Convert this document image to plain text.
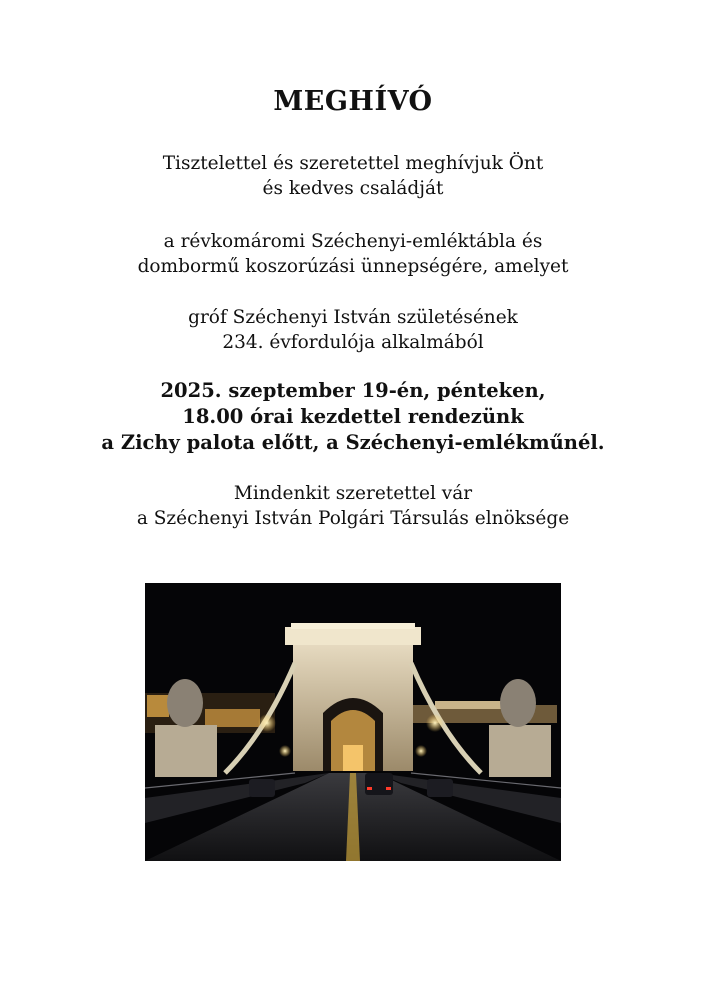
MEGHÍVÓ

Tisztelettel és szeretettel meghívjuk Önt
és kedves családját

a révkomáromi Széchenyi-emléktábla és
dombormű koszorúzási ünnepségére, amelyet

gróf Széchenyi István születésének
234. évfordulója alkalmából

2025. szeptember 19-én, pénteken,
18.00 órai kezdettel rendezünk
a Zichy palota előtt, a Széchenyi-emlékműnél.

Mindenkit szeretettel vár
a Széchenyi István Polgári Társulás elnöksége
